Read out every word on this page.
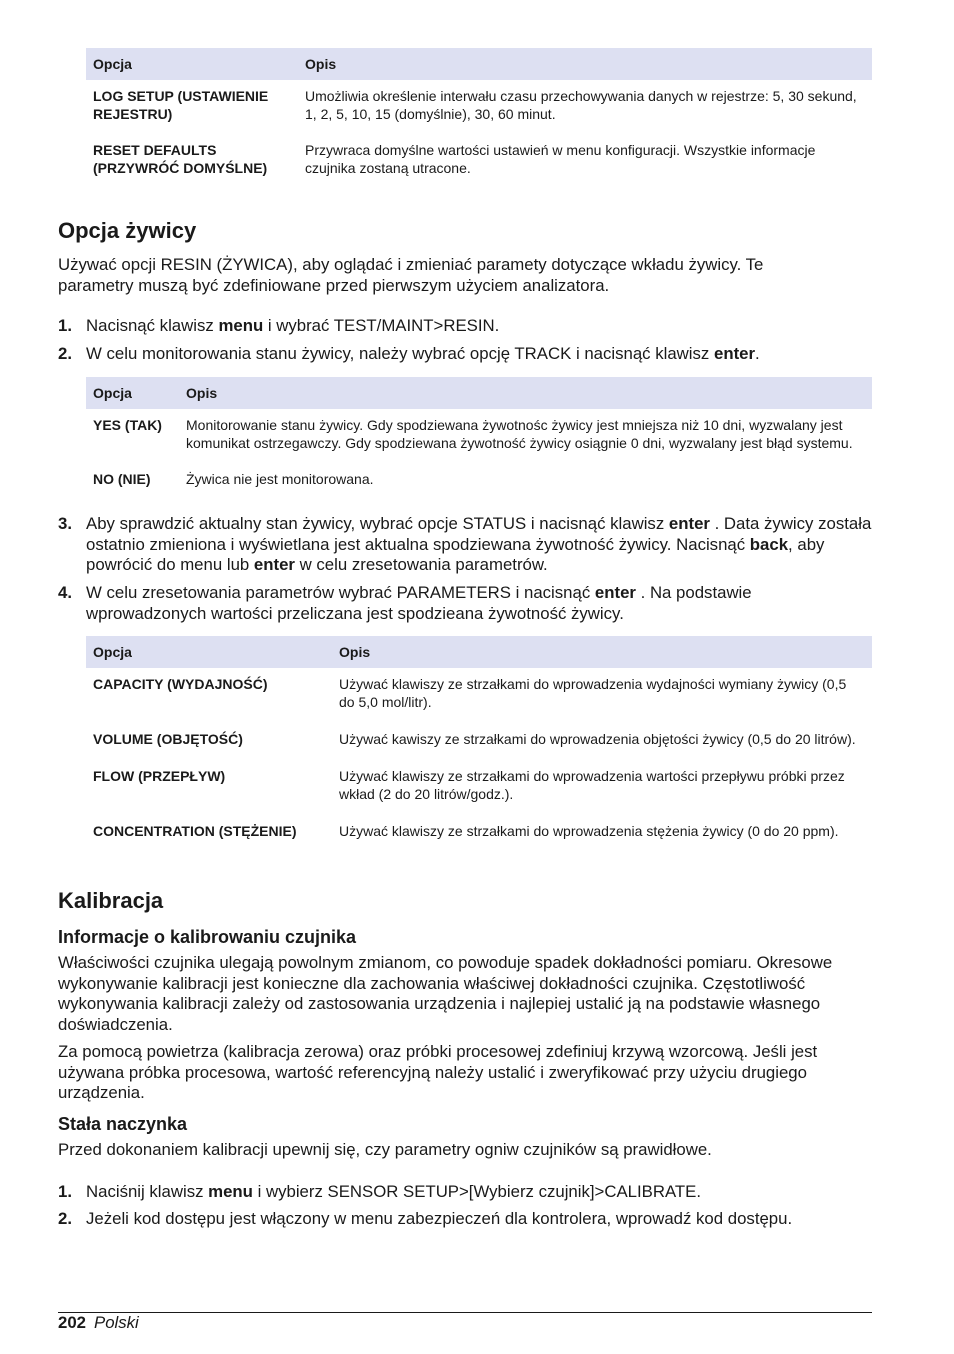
Opcja	Opis
LOG SETUP (USTAWIENIE REJESTRU)	Umożliwia określenie interwału czasu przechowywania danych w rejestrze: 5, 30 sekund, 1, 2, 5, 10, 15 (domyślnie), 30, 60 minut.
RESET DEFAULTS (PRZYWRÓĆ DOMYŚLNE)	Przywraca domyślne wartości ustawień w menu konfiguracji. Wszystkie informacje czujnika zostaną utracone.
Opcja żywicy

Używać opcji RESIN (ŻYWICA), aby oglądać i zmieniać paramety dotyczące wkładu żywicy. Te parametry muszą być zdefiniowane przed pierwszym użyciem analizatora.

1. Nacisnąć klawisz menu i wybrać TEST/MAINT>RESIN.
2. W celu monitorowania stanu żywicy, należy wybrać opcję TRACK i nacisnąć klawisz enter.
Opcja	Opis
YES (TAK)	Monitorowanie stanu żywicy. Gdy spodziewana żywotnośc żywicy jest mniejsza niż 10 dni, wyzwalany jest komunikat ostrzegawczy. Gdy spodziewana żywotność żywicy osiągnie 0 dni, wyzwalany jest błąd systemu.
NO (NIE)	Żywica nie jest monitorowana.
3. Aby sprawdzić aktualny stan żywicy, wybrać opcje STATUS i nacisnąć klawisz enter . Data żywicy została ostatnio zmieniona i wyświetlana jest aktualna spodziewana żywotność żywicy. Nacisnąć back, aby powrócić do menu lub enter w celu zresetowania parametrów.
4. W celu zresetowania parametrów wybrać PARAMETERS i nacisnąć enter . Na podstawie wprowadzonych wartości przeliczana jest spodzieana żywotność żywicy.
Opcja	Opis
CAPACITY (WYDAJNOŚĆ)	Używać klawiszy ze strzałkami do wprowadzenia wydajności wymiany żywicy (0,5 do 5,0 mol/litr).
VOLUME (OBJĘTOŚĆ)	Używać kawiszy ze strzałkami do wprowadzenia objętości żywicy (0,5 do 20 litrów).
FLOW (PRZEPŁYW)	Używać klawiszy ze strzałkami do wprowadzenia wartości przepływu próbki przez wkład (2 do 20 litrów/godz.).
CONCENTRATION (STĘŻENIE)	Używać klawiszy ze strzałkami do wprowadzenia stężenia żywicy (0 do 20 ppm).
Kalibracja
Informacje o kalibrowaniu czujnika

Właściwości czujnika ulegają powolnym zmianom, co powoduje spadek dokładności pomiaru. Okresowe wykonywanie kalibracji jest konieczne dla zachowania właściwej dokładności czujnika. Częstotliwość wykonywania kalibracji zależy od zastosowania urządzenia i najlepiej ustalić ją na podstawie własnego doświadczenia.

Za pomocą powietrza (kalibracja zerowa) oraz próbki procesowej zdefiniuj krzywą wzorcową. Jeśli jest używana próbka procesowa, wartość referencyjną należy ustalić i zweryfikować przy użyciu drugiego urządzenia.

Stała naczynka

Przed dokonaniem kalibracji upewnij się, czy parametry ogniw czujników są prawidłowe.

1. Naciśnij klawisz menu i wybierz SENSOR SETUP>[Wybierz czujnik]>CALIBRATE.
2. Jeżeli kod dostępu jest włączony w menu zabezpieczeń dla kontrolera, wprowadź kod dostępu.
202 Polski
